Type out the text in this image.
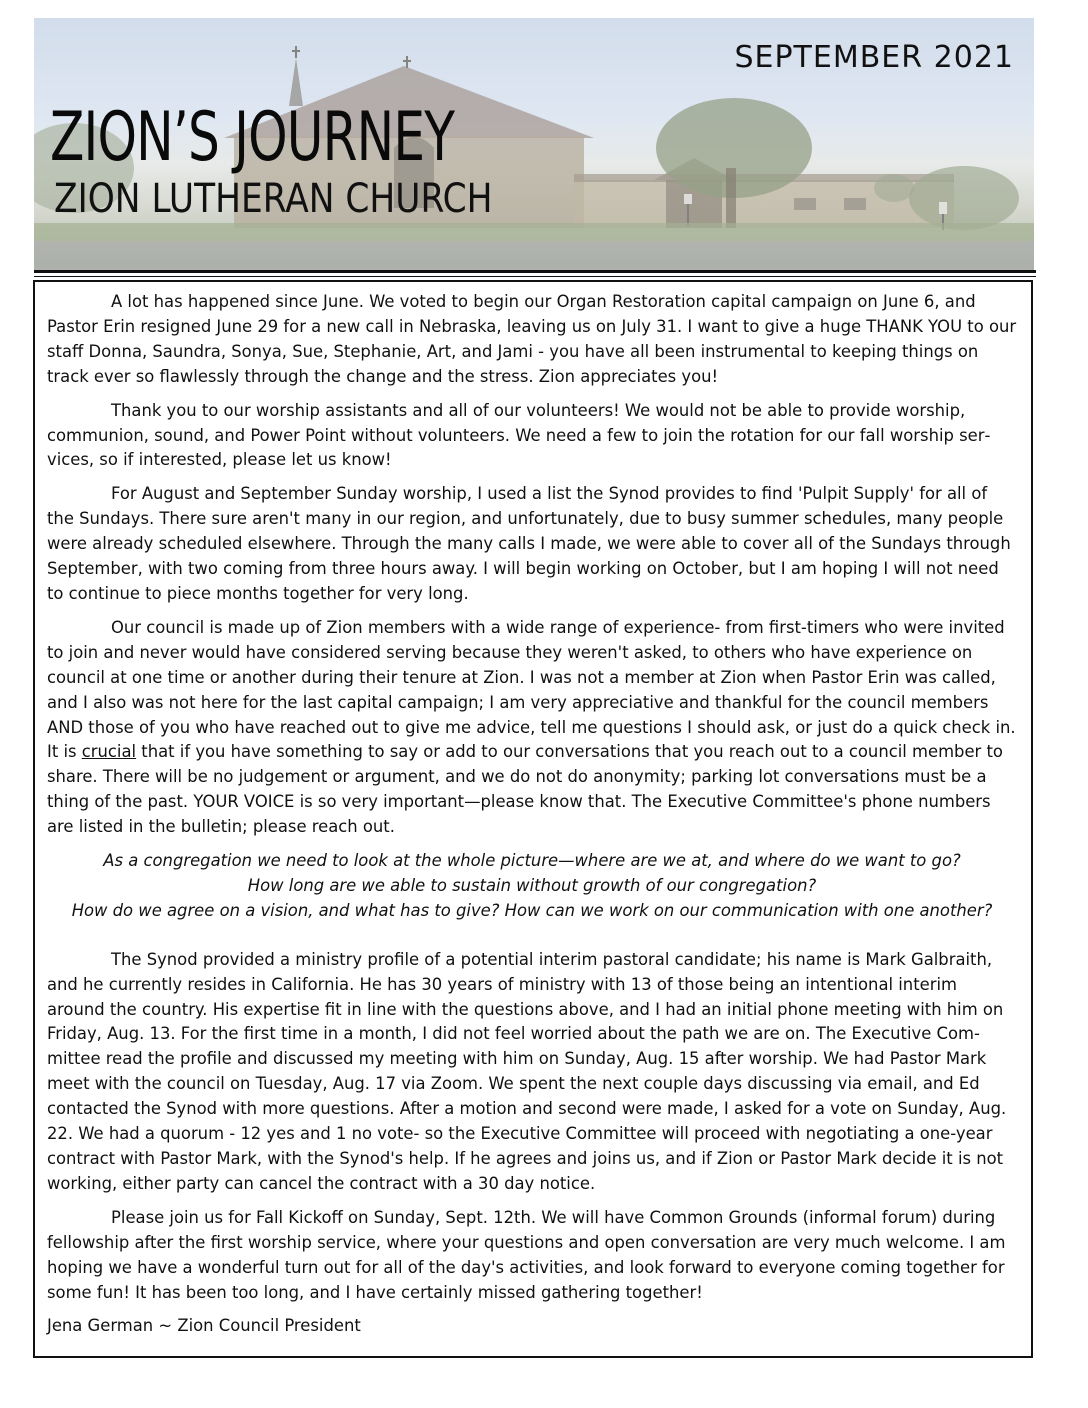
SEPTEMBER 2021
ZION’S JOURNEY
ZION LUTHERAN CHURCH

A lot has happened since June. We voted to begin our Organ Restoration capital campaign on June 6, and Pastor Erin resigned June 29 for a new call in Nebraska, leaving us on July 31. I want to give a huge THANK YOU to our staff Donna, Saundra, Sonya, Sue, Stephanie, Art, and Jami - you have all been instrumental to keeping things on track ever so flawlessly through the change and the stress. Zion appreciates you!

Thank you to our worship assistants and all of our volunteers! We would not be able to provide worship, communion, sound, and Power Point without volunteers. We need a few to join the rotation for our fall worship services, so if interested, please let us know!

For August and September Sunday worship, I used a list the Synod provides to find 'Pulpit Supply' for all of the Sundays. There sure aren't many in our region, and unfortunately, due to busy summer schedules, many people were already scheduled elsewhere. Through the many calls I made, we were able to cover all of the Sundays through September, with two coming from three hours away. I will begin working on October, but I am hoping I will not need to continue to piece months together for very long.

Our council is made up of Zion members with a wide range of experience- from first-timers who were invited to join and never would have considered serving because they weren't asked, to others who have experience on council at one time or another during their tenure at Zion. I was not a member at Zion when Pastor Erin was called, and I also was not here for the last capital campaign; I am very appreciative and thankful for the council members AND those of you who have reached out to give me advice, tell me questions I should ask, or just do a quick check in. It is crucial that if you have something to say or add to our conversations that you reach out to a council member to share. There will be no judgement or argument, and we do not do anonymity; parking lot conversations must be a thing of the past. YOUR VOICE is so very important—please know that. The Executive Committee's phone numbers are listed in the bulletin; please reach out.

As a congregation we need to look at the whole picture—where are we at, and where do we want to go?
How long are we able to sustain without growth of our congregation?
How do we agree on a vision, and what has to give? How can we work on our communication with one another?

The Synod provided a ministry profile of a potential interim pastoral candidate; his name is Mark Galbraith, and he currently resides in California. He has 30 years of ministry with 13 of those being an intentional interim around the country. His expertise fit in line with the questions above, and I had an initial phone meeting with him on Friday, Aug. 13. For the first time in a month, I did not feel worried about the path we are on. The Executive Committee read the profile and discussed my meeting with him on Sunday, Aug. 15 after worship. We had Pastor Mark meet with the council on Tuesday, Aug. 17 via Zoom. We spent the next couple days discussing via email, and Ed contacted the Synod with more questions. After a motion and second were made, I asked for a vote on Sunday, Aug. 22. We had a quorum - 12 yes and 1 no vote- so the Executive Committee will proceed with negotiating a one-year contract with Pastor Mark, with the Synod's help. If he agrees and joins us, and if Zion or Pastor Mark decide it is not working, either party can cancel the contract with a 30 day notice.

Please join us for Fall Kickoff on Sunday, Sept. 12th. We will have Common Grounds (informal forum) during fellowship after the first worship service, where your questions and open conversation are very much welcome. I am hoping we have a wonderful turn out for all of the day's activities, and look forward to everyone coming together for some fun! It has been too long, and I have certainly missed gathering together!

Jena German ~ Zion Council President
